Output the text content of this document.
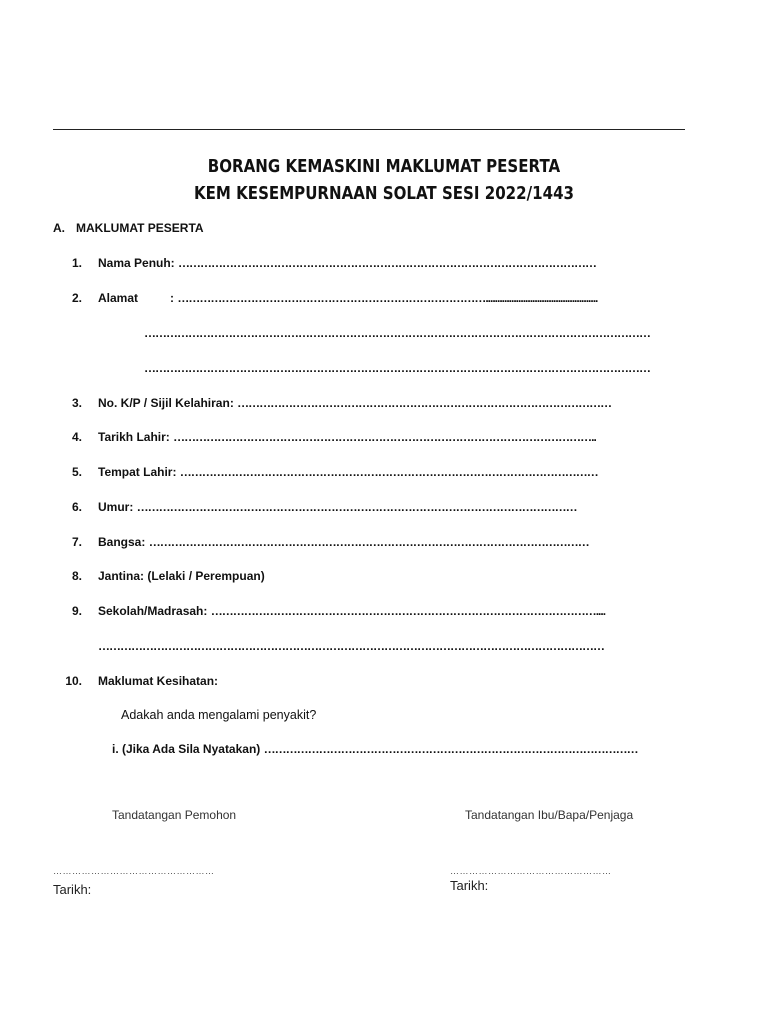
BORANG KEMASKINI MAKLUMAT PESERTA
KEM KESEMPURNAAN SOLAT SESI 2022/1443
A. MAKLUMAT PESERTA
1. Nama Penuh: ……………………………………………………………………………………………………
2. Alamat	: …………………………………………………………………………................................................
…………………………………………………………………………………………………………………………
…………………………………………………………………………………………………………………………
3. No. K/P / Sijil Kelahiran: …………………………………………………………………………………………
4. Tarikh Lahir: ……………………………………………………………………………………………………..
5. Tempat Lahir: ……………………………………………………………………………………………………
6. Umur: …………………………………………………………………………………………………………
7. Bangsa: …………………………………………………………………………………………………………
8. Jantina: (Lelaki / Perempuan)
9. Sekolah/Madrasah: ……………………………………………………………………………………………....
…………………………………………………………………………………………………………………………
10. Maklumat Kesihatan:
Adakah anda mengalami penyakit?
i. (Jika Ada Sila Nyatakan) …………………………………………………………………………………………
Tandatangan Pemohon	Tandatangan Ibu/Bapa/Penjaga
……………………………………………	……………………………………………
Tarikh:	Tarikh:
